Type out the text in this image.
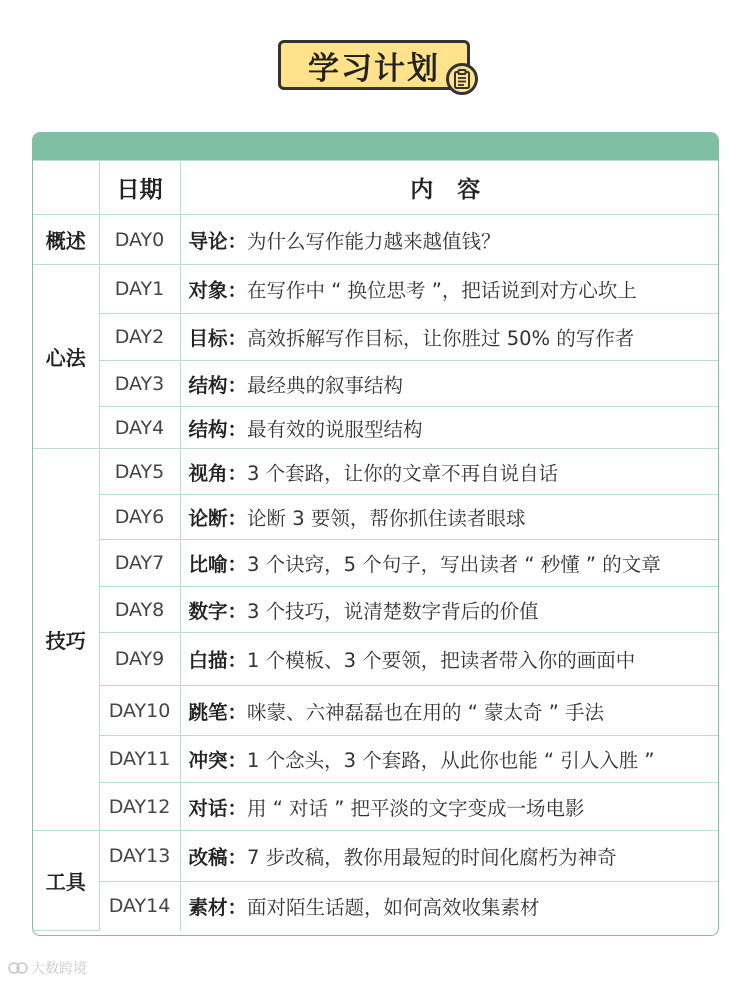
学习计划
	日期	内 容
概述	DAY0	导论：为什么写作能力越来越值钱？
心法	DAY1	对象：在写作中 “ 换位思考 ”，把话说到对方心坎上
	DAY2	目标：高效拆解写作目标，让你胜过 50% 的写作者
	DAY3	结构：最经典的叙事结构
	DAY4	结构：最有效的说服型结构
技巧	DAY5	视角：3 个套路，让你的文章不再自说自话
	DAY6	论断：论断 3 要领，帮你抓住读者眼球
	DAY7	比喻：3 个诀窍，5 个句子，写出读者 “ 秒懂 ” 的文章
	DAY8	数字：3 个技巧，说清楚数字背后的价值
	DAY9	白描：1 个模板、3 个要领，把读者带入你的画面中
	DAY10	跳笔：咪蒙、六神磊磊也在用的 “ 蒙太奇 ” 手法
	DAY11	冲突：1 个念头，3 个套路，从此你也能 “ 引人入胜 ”
	DAY12	对话：用 “ 对话 ” 把平淡的文字变成一场电影
工具	DAY13	改稿：7 步改稿，教你用最短的时间化腐朽为神奇
	DAY14	素材：面对陌生话题，如何高效收集素材
大数跨境
